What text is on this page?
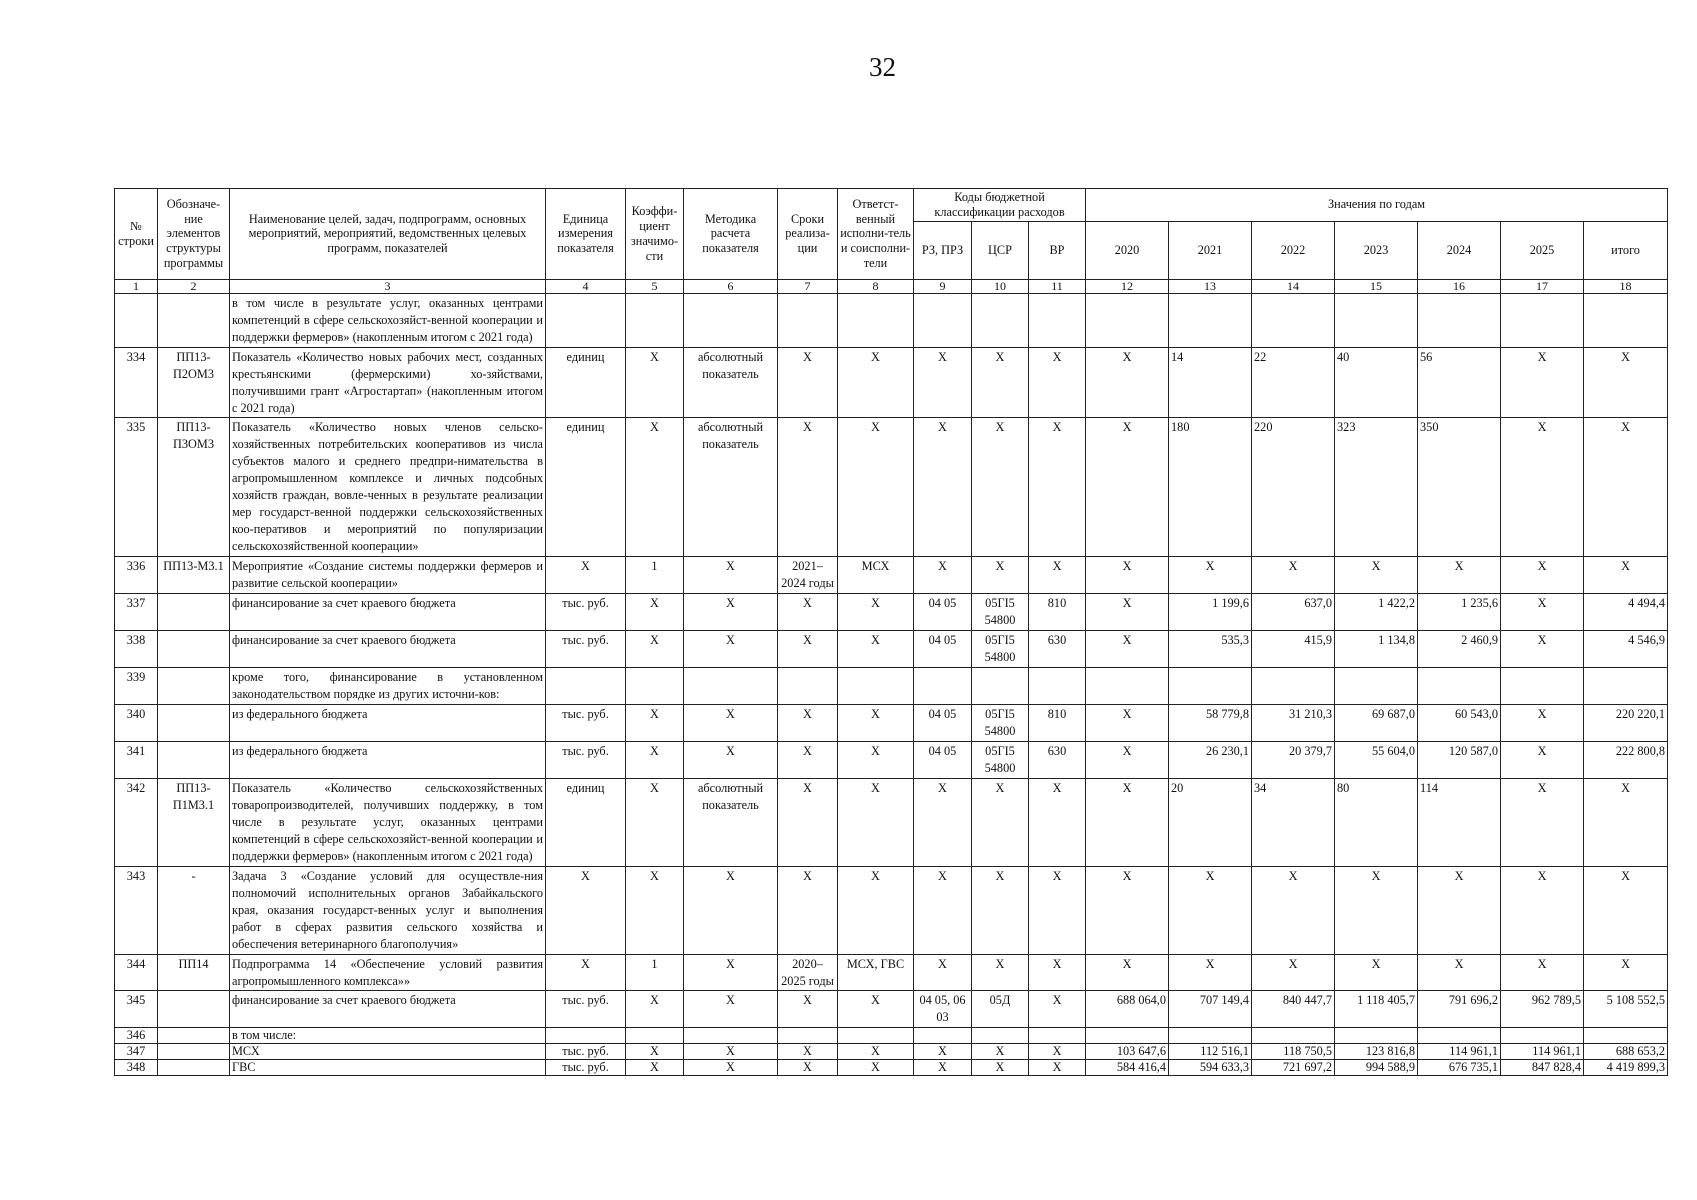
32
№ строки	Обозначе-ние элементов структуры программы	Наименование целей, задач, подпрограмм, основных мероприятий, мероприятий, ведомственных целевых программ, показателей	Единица измерения показателя	Коэффи-циент значимо-сти	Методика расчета показателя	Сроки реализа-ции	Ответст-венный исполни-тель и соисполни-тели	Коды бюджетной классификации расходов			Значения по годам						
								РЗ, ПРЗ	ЦСР	ВР	2020	2021	2022	2023	2024	2025	итого
1	2	3	4	5	6	7	8	9	10	11	12	13	14	15	16	17	18
		в том числе в результате услуг, оказанных центрами компетенций в сфере сельскохозяйст-венной кооперации и поддержки фермеров» (накопленным итогом с 2021 года)															
334	ПП13-П2ОМ3	Показатель «Количество новых рабочих мест, созданных крестьянскими (фермерскими) хо-зяйствами, получившими грант «Агростартап» (накопленным итогом с 2021 года)	единиц	Х	абсолютный показатель	Х	Х	Х	Х	Х	Х	14	22	40	56	Х	Х
335	ПП13-П3ОМ3	Показатель «Количество новых членов сельско-хозяйственных потребительских кооперативов из числа субъектов малого и среднего предпри-нимательства в агропромышленном комплексе и личных подсобных хозяйств граждан, вовле-ченных в результате реализации мер государст-венной поддержки сельскохозяйственных коо-перативов и мероприятий по популяризации сельскохозяйственной кооперации»	единиц	Х	абсолютный показатель	Х	Х	Х	Х	Х	Х	180	220	323	350	Х	Х
336	ПП13-М3.1	Мероприятие «Создание системы поддержки фермеров и развитие сельской кооперации»	Х	1	Х	2021–2024 годы	МСХ	Х	Х	Х	Х	Х	Х	Х	Х	Х	Х
337		финансирование за счет краевого бюджета	тыс. руб.	Х	Х	Х	Х	04 05	05ГI5 54800	810	Х	1 199,6	637,0	1 422,2	1 235,6	Х	4 494,4
338		финансирование за счет краевого бюджета	тыс. руб.	Х	Х	Х	Х	04 05	05ГI5 54800	630	Х	535,3	415,9	1 134,8	2 460,9	Х	4 546,9
339		кроме того, финансирование в установленном законодательством порядке из других источни-ков:															
340		из федерального бюджета	тыс. руб.	Х	Х	Х	Х	04 05	05ГI5 54800	810	Х	58 779,8	31 210,3	69 687,0	60 543,0	Х	220 220,1
341		из федерального бюджета	тыс. руб.	Х	Х	Х	Х	04 05	05ГI5 54800	630	Х	26 230,1	20 379,7	55 604,0	120 587,0	Х	222 800,8
342	ПП13-П1М3.1	Показатель «Количество сельскохозяйственных товаропроизводителей, получивших поддержку, в том числе в результате услуг, оказанных центрами компетенций в сфере сельскохозяйст-венной кооперации и поддержки фермеров» (накопленным итогом с 2021 года)	единиц	Х	абсолютный показатель	Х	Х	Х	Х	Х	Х	20	34	80	114	Х	Х
343	-	Задача 3 «Создание условий для осуществле-ния полномочий исполнительных органов Забайкальского края, оказания государст-венных услуг и выполнения работ в сферах развития сельского хозяйства и обеспечения ветеринарного благополучия»	Х	Х	Х	Х	Х	Х	Х	Х	Х	Х	Х	Х	Х	Х	Х
344	ПП14	Подпрограмма 14 «Обеспечение условий развития агропромышленного комплекса»»	Х	1	Х	2020–2025 годы	МСХ, ГВС	Х	Х	Х	Х	Х	Х	Х	Х	Х	Х
345		финансирование за счет краевого бюджета	тыс. руб.	Х	Х	Х	Х	04 05, 06 03	05Д	Х	688 064,0	707 149,4	840 447,7	1 118 405,7	791 696,2	962 789,5	5 108 552,5
346		в том числе:															
347		МСХ	тыс. руб.	Х	Х	Х	Х	Х	Х	Х	103 647,6	112 516,1	118 750,5	123 816,8	114 961,1	114 961,1	688 653,2
348		ГВС	тыс. руб.	Х	Х	Х	Х	Х	Х	Х	584 416,4	594 633,3	721 697,2	994 588,9	676 735,1	847 828,4	4 419 899,3
